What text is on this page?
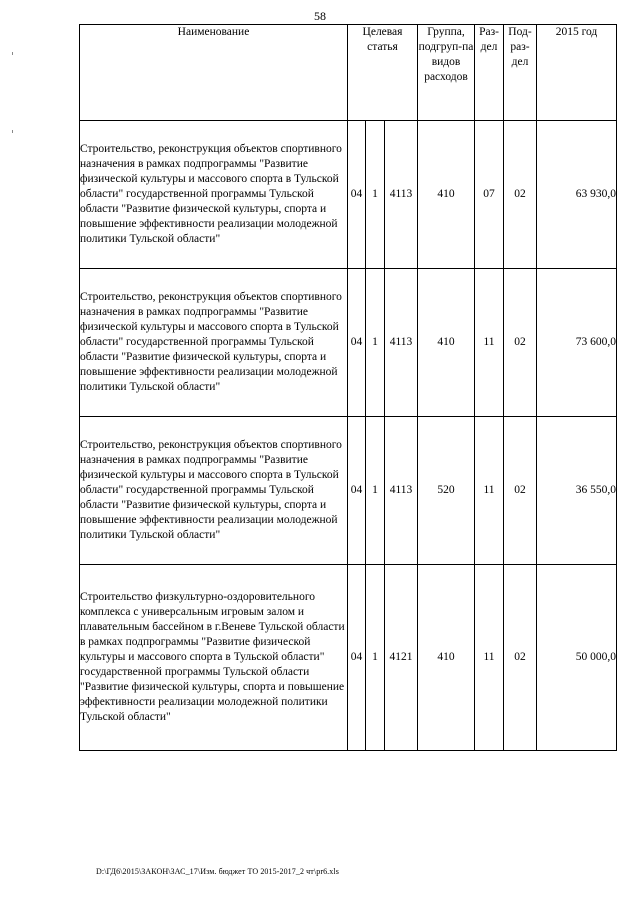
58
Наименование	Целевая статья			Группа, подгруп-па видов расходов	Раз-дел	Под-раз-дел	2015 год
Строительство, реконструкция объектов спортивного назначения в рамках подпрограммы "Развитие физической культуры и массового спорта в Тульской области" государственной программы Тульской области "Развитие физической культуры, спорта и повышение эффективности реализации молодежной политики Тульской области"	04	1	4113	410	07	02	63 930,0
Строительство, реконструкция объектов спортивного назначения в рамках подпрограммы "Развитие физической культуры и массового спорта в Тульской области" государственной программы Тульской области "Развитие физической культуры, спорта и повышение эффективности реализации молодежной политики Тульской области"	04	1	4113	410	11	02	73 600,0
Строительство, реконструкция объектов спортивного назначения в рамках подпрограммы "Развитие физической культуры и массового спорта в Тульской области" государственной программы Тульской области "Развитие физической культуры, спорта и повышение эффективности реализации молодежной политики Тульской области"	04	1	4113	520	11	02	36 550,0
Строительство физкультурно-оздоровительного комплекса с универсальным игровым залом и плавательным бассейном в г.Веневе Тульской области в рамках подпрограммы "Развитие физической культуры и массового спорта в Тульской области" государственной программы Тульской области "Развитие физической культуры, спорта и повышение эффективности реализации молодежной политики Тульской области"	04	1	4121	410	11	02	50 000,0
D:\ГД6\2015\ЗАКОН\ЗАС_17\Изм. бюджет ТО 2015-2017_2 чт\pr6.xls
